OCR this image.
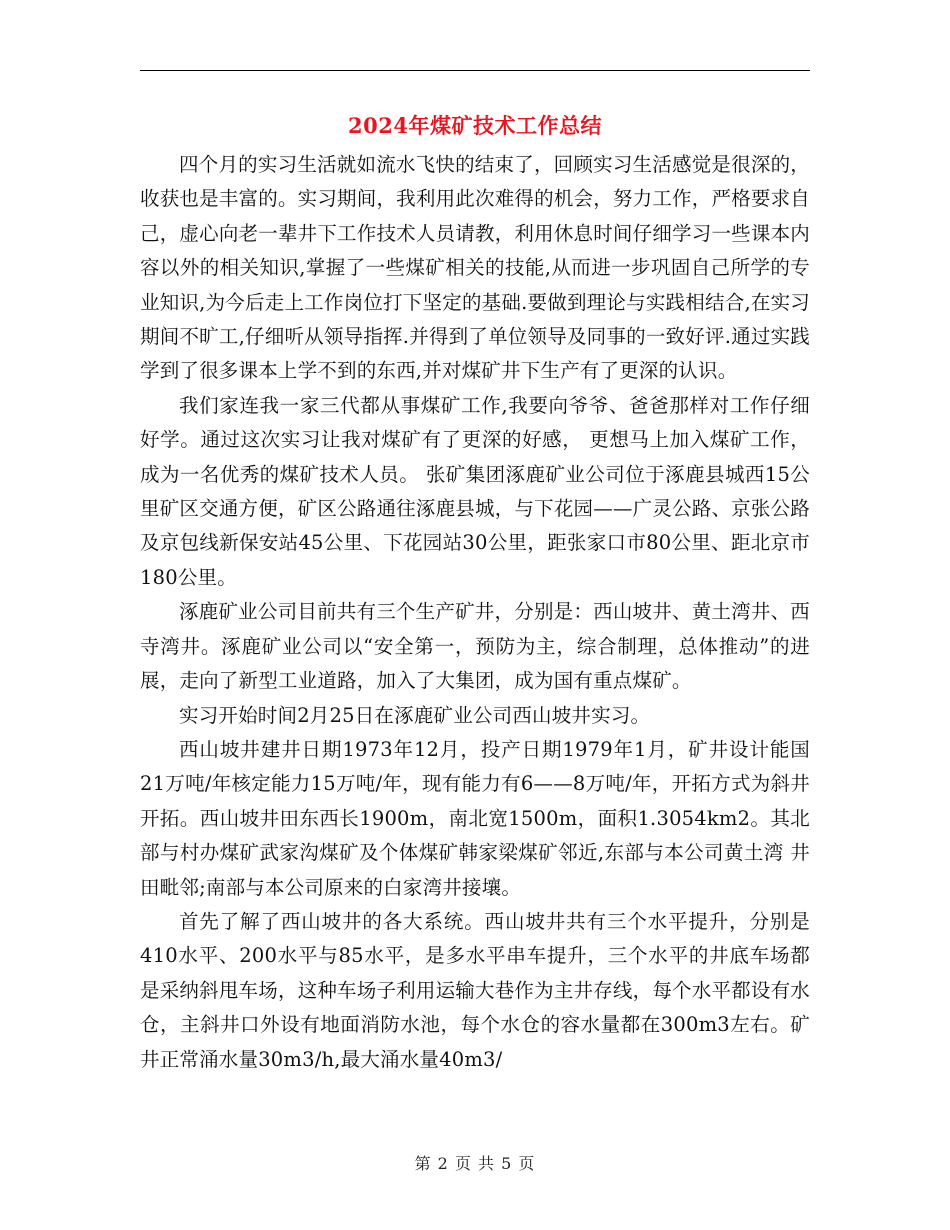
2024年煤矿技术工作总结

四个月的实习生活就如流水飞快的结束了，回顾实习生活感觉是很深的，收获也是丰富的。实习期间，我利用此次难得的机会，努力工作，严格要求自己，虚心向老一辈井下工作技术人员请教，利用休息时间仔细学习一些课本内容以外的相关知识,掌握了一些煤矿相关的技能,从而进一步巩固自己所学的专业知识,为今后走上工作岗位打下坚定的基础.要做到理论与实践相结合,在实习期间不旷工,仔细听从领导指挥.并得到了单位领导及同事的一致好评.通过实践学到了很多课本上学不到的东西,并对煤矿井下生产有了更深的认识。

我们家连我一家三代都从事煤矿工作,我要向爷爷、爸爸那样对工作仔细好学。通过这次实习让我对煤矿有了更深的好感， 更想马上加入煤矿工作，成为一名优秀的煤矿技术人员。 张矿集团涿鹿矿业公司位于涿鹿县城西15公里矿区交通方便，矿区公路通往涿鹿县城，与下花园——广灵公路、京张公路及京包线新保安站45公里、下花园站30公里，距张家口市80公里、距北京市180公里。

涿鹿矿业公司目前共有三个生产矿井，分别是：西山坡井、黄土湾井、西寺湾井。涿鹿矿业公司以“安全第一，预防为主，综合制理，总体推动”的进展，走向了新型工业道路，加入了大集团，成为国有重点煤矿。

实习开始时间2月25日在涿鹿矿业公司西山坡井实习。

西山坡井建井日期1973年12月，投产日期1979年1月，矿井设计能国21万吨/年核定能力15万吨/年，现有能力有6——8万吨/年，开拓方式为斜井开拓。西山坡井田东西长1900m，南北宽1500m，面积1.3054km2。其北部与村办煤矿武家沟煤矿及个体煤矿韩家梁煤矿邻近,东部与本公司黄土湾 井田毗邻;南部与本公司原来的白家湾井接壤。

首先了解了西山坡井的各大系统。西山坡井共有三个水平提升，分别是410水平、200水平与85水平，是多水平串车提升，三个水平的井底车场都是采纳斜甩车场，这种车场子利用运输大巷作为主井存线，每个水平都设有水仓，主斜井口外设有地面消防水池，每个水仓的容水量都在300m3左右。矿井正常涌水量30m3/h,最大涌水量40m3/

第 2 页 共 5 页
